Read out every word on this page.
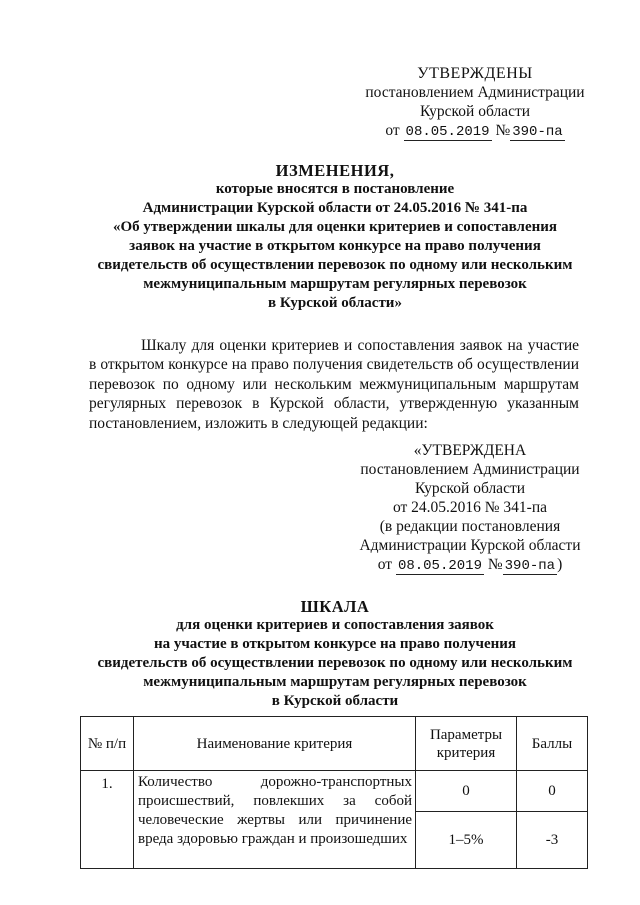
УТВЕРЖДЕНЫ
постановлением Администрации
Курской области
от 08.05.2019 № 390-па
ИЗМЕНЕНИЯ,
которые вносятся в постановление
Администрации Курской области от 24.05.2016 № 341-па
«Об утверждении шкалы для оценки критериев и сопоставления
заявок на участие в открытом конкурсе на право получения
свидетельств об осуществлении перевозок по одному или нескольким
межмуниципальным маршрутам регулярных перевозок
в Курской области»

Шкалу для оценки критериев и сопоставления заявок на участие в открытом конкурсе на право получения свидетельств об осуществлении перевозок по одному или нескольким межмуниципальным маршрутам регулярных перевозок в Курской области, утвержденную указанным постановлением, изложить в следующей редакции:

«УТВЕРЖДЕНА
постановлением Администрации
Курской области
от 24.05.2016 № 341-па
(в редакции постановления
Администрации Курской области
от 08.05.2019 № 390-па )
ШКАЛА
для оценки критериев и сопоставления заявок
на участие в открытом конкурсе на право получения
свидетельств об осуществлении перевозок по одному или нескольким
межмуниципальным маршрутам регулярных перевозок
в Курской области
№ п/п	Наименование критерия	Параметры критерия	Баллы
1.	Количество дорожно-транспортных происшествий, повлекших за собой человеческие жертвы или причинение вреда здоровью граждан и произошедших	0	0
		1–5%	-3
